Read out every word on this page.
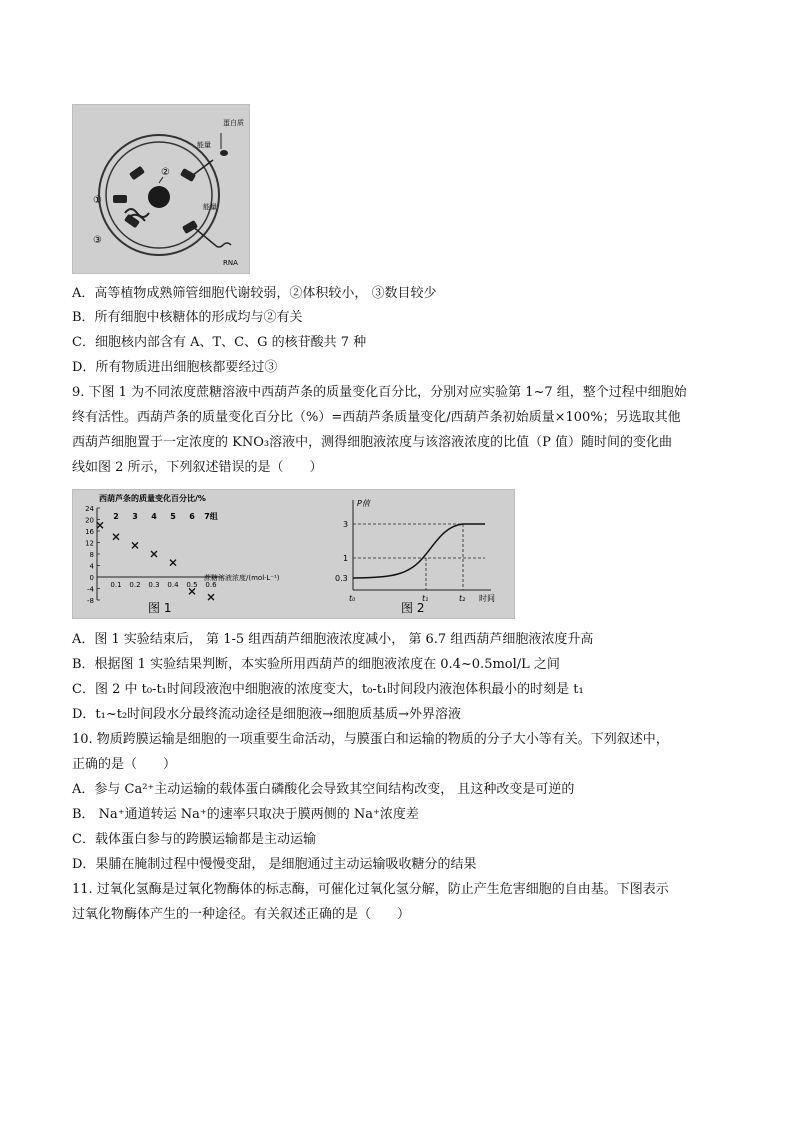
②
蛋白质
能量
①
能量
③
RNA
A．高等植物成熟筛管细胞代谢较弱，②体积较小， ③数目较少
B．所有细胞中核糖体的形成均与②有关
C．细胞核内部含有 A、T、C、G 的核苷酸共 7 种
D．所有物质进出细胞核都要经过③
9. 下图 1 为不同浓度蔗糖溶液中西葫芦条的质量变化百分比，分别对应实验第 1~7 组，整个过程中细胞始
终有活性。西葫芦条的质量变化百分比（%）=西葫芦条质量变化/西葫芦条初始质量×100%；另选取其他
西葫芦细胞置于一定浓度的 KNO₃溶液中，测得细胞液浓度与该溶液浓度的比值（P 值）随时间的变化曲
线如图 2 所示，下列叙述错误的是（　　）
西葫芦条的质量变化百分比/%
2 3 4 5 6 7组
24
20
16
12
8
4
0
-4
-8
0.1 0.2 0.3 0.4 0.5 0.6
蔗糖溶液浓度/(mol·L⁻¹)
图 1
P值
3
1
0.3
t₀	t₁	t₂ 时间
图 2
A．图 1 实验结束后， 第 1-5 组西葫芦细胞液浓度减小， 第 6.7 组西葫芦细胞液浓度升高
B．根据图 1 实验结果判断，本实验所用西葫芦的细胞液浓度在 0.4~0.5mol/L 之间
C．图 2 中 t₀-t₁时间段液泡中细胞液的浓度变大，t₀-t₁时间段内液泡体积最小的时刻是 t₁
D．t₁~t₂时间段水分最终流动途径是细胞液→细胞质基质→外界溶液
10. 物质跨膜运输是细胞的一项重要生命活动，与膜蛋白和运输的物质的分子大小等有关。下列叙述中，
正确的是（　　）
A．参与 Ca²⁺主动运输的载体蛋白磷酸化会导致其空间结构改变， 且这种改变是可逆的
B． Na⁺通道转运 Na⁺的速率只取决于膜两侧的 Na⁺浓度差
C．载体蛋白参与的跨膜运输都是主动运输
D．果脯在腌制过程中慢慢变甜， 是细胞通过主动运输吸收糖分的结果
11. 过氧化氢酶是过氧化物酶体的标志酶，可催化过氧化氢分解，防止产生危害细胞的自由基。下图表示
过氧化物酶体产生的一种途径。有关叙述正确的是（　　）
